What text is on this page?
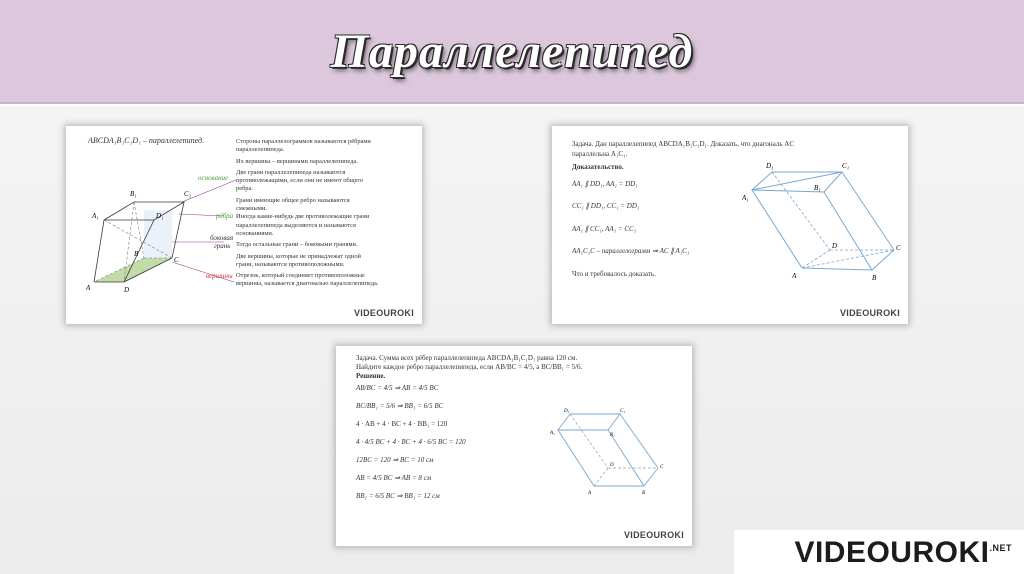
Параллелепипед
ABCDA₁B₁C₁D₁ – параллелепипед.
B₁	C₁
A₁	D₁
B
C
A	D
основание
рёбра
боковая
грань
вершины
Стороны параллелограммов называются рёбрами
параллелепипеда.
Их вершины – вершинами параллелепипеда.
Две грани параллелепипеда называются
противолежащими, если они не имеют общего
ребра.
Грани имеющие общее ребро называются
смежными.
Иногда какие-нибудь две противолежащие грани
параллелепипеда выделяются и называются
основаниями.
Тогда остальные грани – боковыми гранями.
Две вершины, которые не принадлежат одной
грани, называются противоположными.
Отрезок, который соединяет противоположные
вершины, называется диагональю параллелепипеда.
VIDEOUROKI
Задача. Дан параллелепипед ABCDA₁B₁C₁D₁. Доказать, что диагональ AC
параллельна A₁C₁.
Доказательство.
AA₁ ∥ DD₁, AA₁ = DD₁
CC₁ ∥ DD₁, CC₁ = DD₁
AA₁ ∥ CC₁, AA₁ = CC₁
AA₁C₁C – параллелограмм ⇒ AC ∥ A₁C₁
Что и требовалось доказать.
D₁	C₁
B₁
A₁
D	C
A	B
VIDEOUROKI
Задача. Сумма всех рёбер параллелепипеда ABCDA₁B₁C₁D₁ равна 120 см.
Найдите каждое ребро параллелепипеда, если AB/BC = 4/5, а BC/BB₁ = 5/6.
Решение.
AB/BC = 4/5 ⇒ AB = 4/5 BC
BC/BB₁ = 5/6 ⇒ BB₁ = 6/5 BC
4 · AB + 4 · BC + 4 · BB₁ = 120
4 · 4/5 BC + 4 · BC + 4 · 6/5 BC = 120
12BC = 120 ⇒ BC = 10 см
AB = 4/5 BC ⇒ AB = 8 см
BB₁ = 6/5 BC ⇒ BB₁ = 12 см
D₁	C₁
A₁	B₁
D	C
A	B
VIDEOUROKI
$VIDEOUROKI^{.NET}$
